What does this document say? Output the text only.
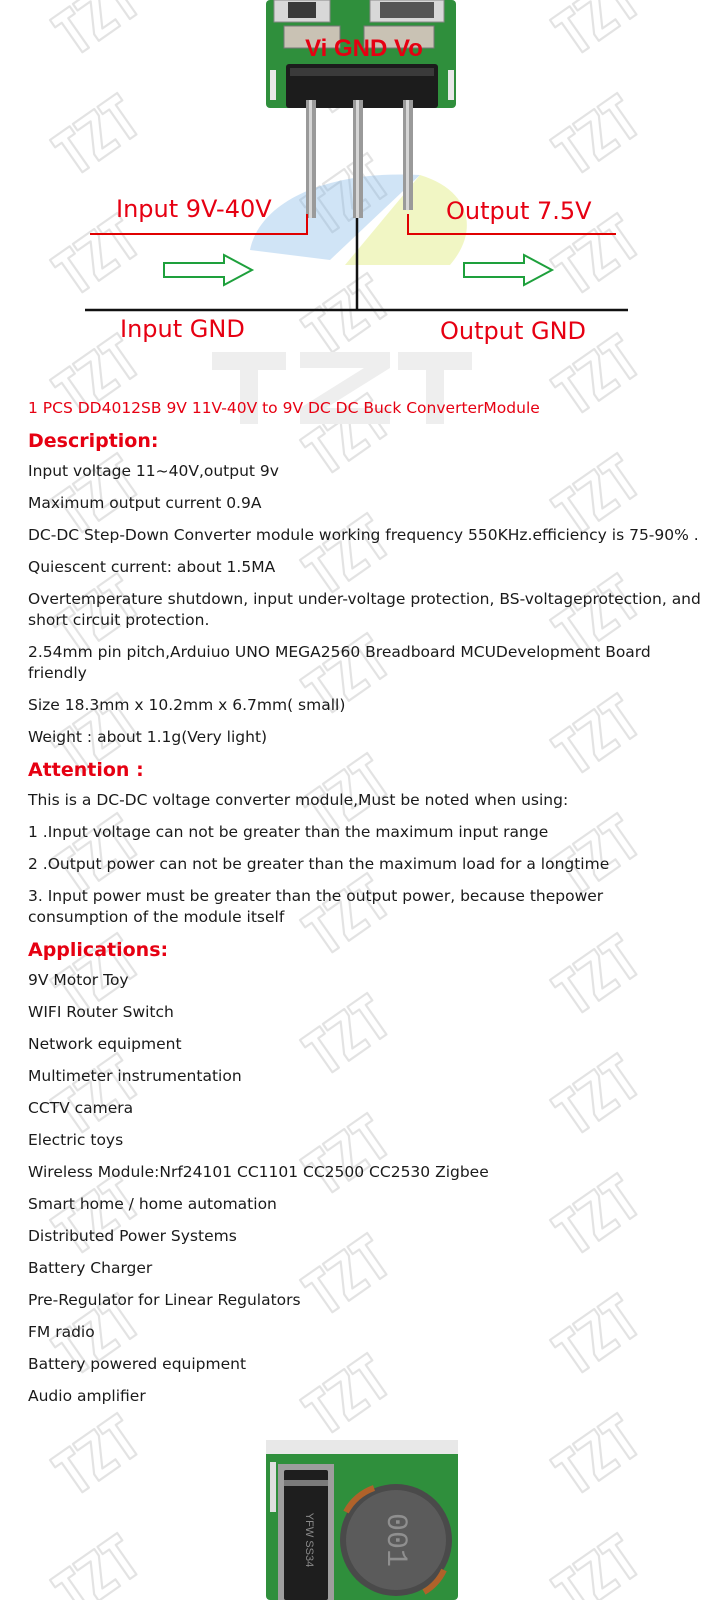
Vi GND Vo
Input 9V-40V	Output 7.5V
Input GND	Output GND
1 PCS DD4012SB 9V 11V-40V to 9V DC DC Buck ConverterModule
Description:
Input voltage 11~40V,output 9v
Maximum output current 0.9A
DC-DC Step-Down Converter module working frequency 550KHz.efficiency is 75-90% .
Quiescent current: about 1.5MA
Overtemperature shutdown, input under-voltage protection, BS-voltageprotection, and short circuit protection.
2.54mm pin pitch,Arduiuo UNO MEGA2560 Breadboard MCUDevelopment Board friendly
Size 18.3mm x 10.2mm x 6.7mm( small)
Weight : about 1.1g(Very light)
Attention :
This is a DC-DC voltage converter module,Must be noted when using:
1 .Input voltage can not be greater than the maximum input range
2 .Output power can not be greater than the maximum load for a longtime
3. Input power must be greater than the output power, because thepower consumption of the module itself
Applications:
9V Motor Toy
WIFI Router Switch
Network equipment
Multimeter instrumentation
CCTV camera
Electric toys
Wireless Module:Nrf24101 CC1101 CC2500 CC2530 Zigbee
Smart home / home automation
Distributed Power Systems
Battery Charger
Pre-Regulator for Linear Regulators
FM radio
Battery powered equipment
Audio amplifier
YFW SS34 001
